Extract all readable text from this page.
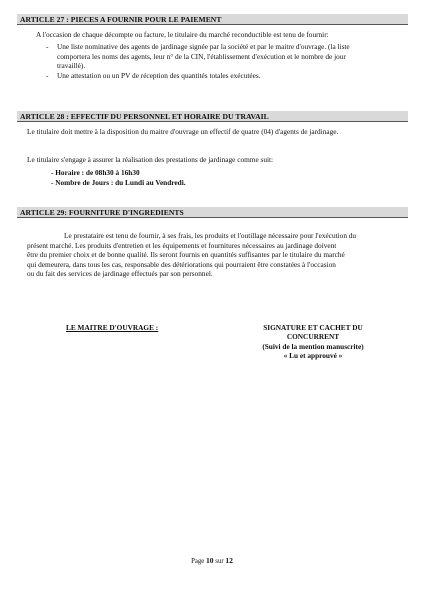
ARTICLE 27 : PIECES A FOURNIR POUR LE PAIEMENT
A l'occasion de chaque décompte ou facture, le titulaire du marché reconductible est tenu de fournir:
- Une liste nominative des agents de jardinage signée par la société et par le maitre d'ouvrage. (la liste
comportera les noms des agents, leur n° de la CIN, l'établissement d'exécution et le nombre de jour
travaillé).
- Une attestation ou un PV de réception des quantités totales exécutées.
ARTICLE 28 : EFFECTIF DU PERSONNEL ET HORAIRE DU TRAVAIL
Le titulaire doit mettre à la disposition du maitre d'ouvrage un effectif de quatre (04) d'agents de jardinage.
Le titulaire s'engage à assurer la réalisation des prestations de jardinage comme suit:
- Horaire : de 08h30 à 16h30
- Nombre de Jours : du Lundi au Vendredi.
ARTICLE 29: FOURNITURE D'INGREDIENTS
Le prestataire est tenu de fournir, à ses frais, les produits et l'outillage nécessaire pour l'exécution du
présent marché. Les produits d'entretien et les équipements et fournitures nécessaires au jardinage doivent
être du premier choix et de bonne qualité. Ils seront fournis en quantités suffisantes par le titulaire du marché
qui demeurera, dans tous les cas, responsable des détériorations qui pourraient être constatées à l'occasion
ou du fait des services de jardinage effectués par son personnel.
LE MAITRE D'OUVRAGE :	SIGNATURE ET CACHET DU
CONCURRENT
(Suivi de la mention manuscrite)
« Lu et approuvé »
Page 10 sur 12
